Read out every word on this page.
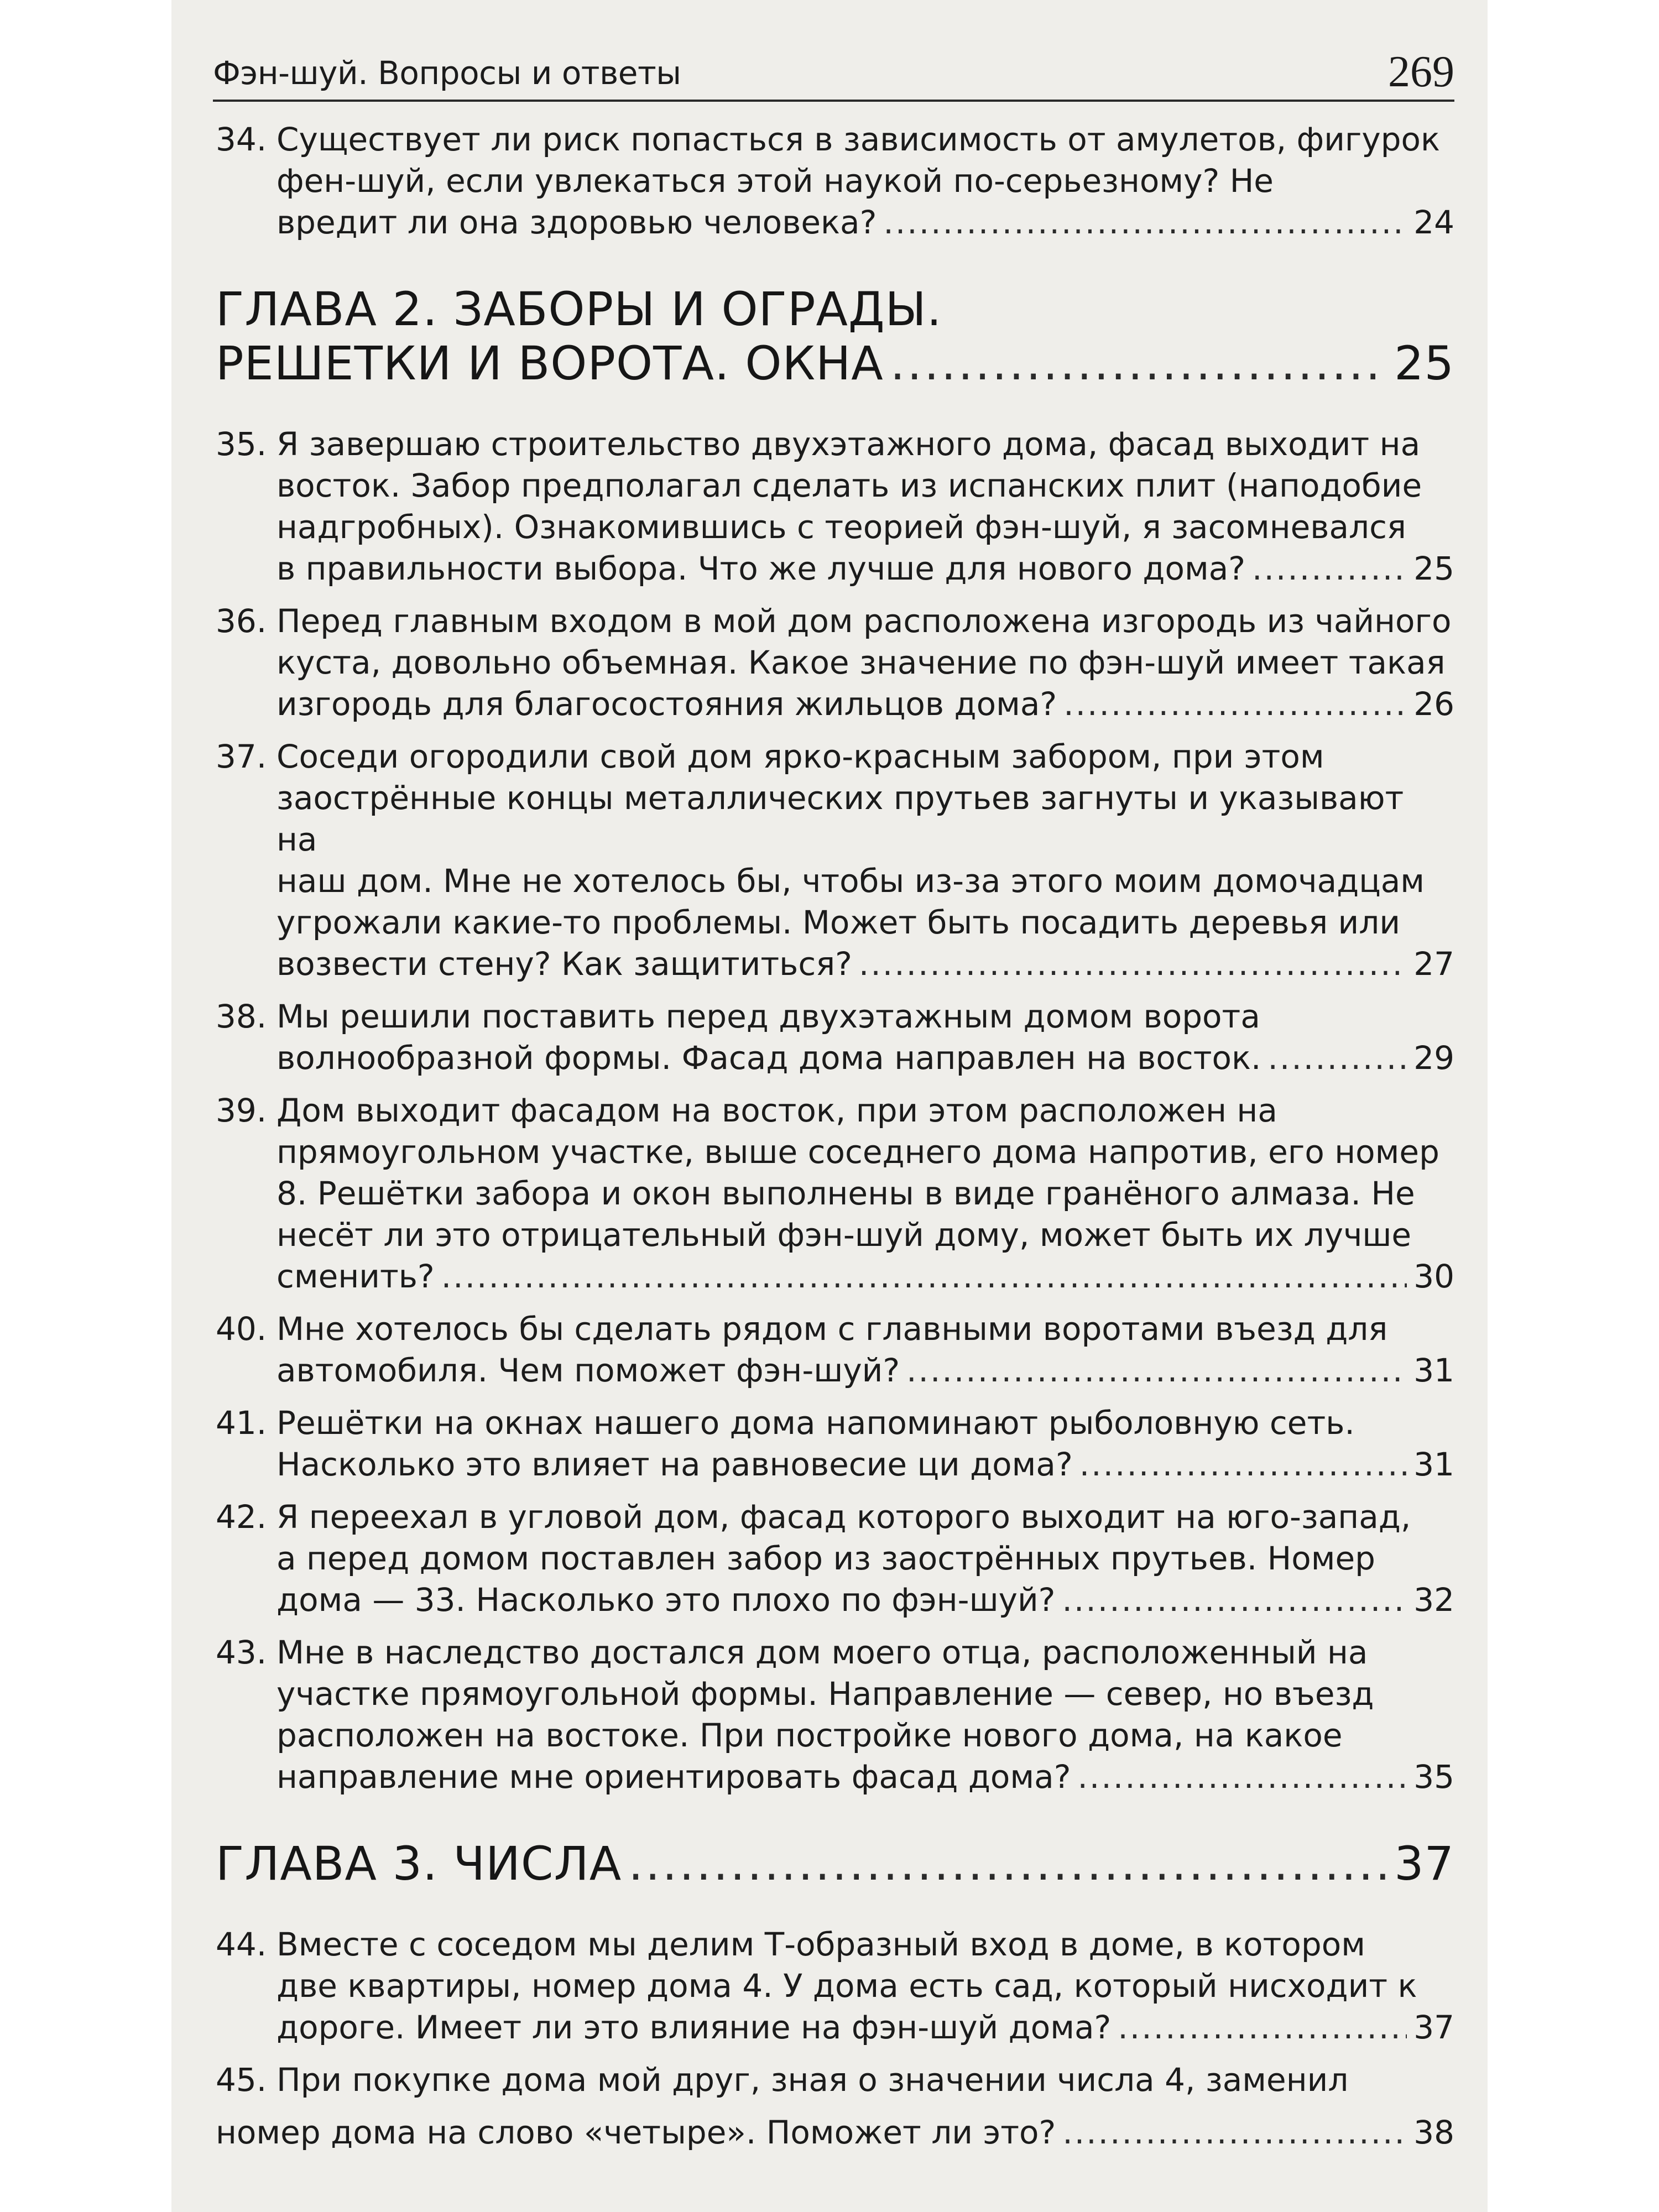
Фэн-шуй. Вопросы и ответы	269
34. Существует ли риск попасться в зависимость от амулетов, фигурок
фен-шуй, если увлекаться этой наукой по-серьезному? Не
вредит ли она здоровью человека? .....	24
ГЛАВА 2. ЗАБОРЫ И ОГРАДЫ.
РЕШЕТКИ И ВОРОТА. ОКНА .....	25
35. Я завершаю строительство двухэтажного дома, фасад выходит на
восток. Забор предполагал сделать из испанских плит (наподобие
надгробных). Ознакомившись с теорией фэн-шуй, я засомневался
в правильности выбора. Что же лучше для нового дома? .....	25
36. Перед главным входом в мой дом расположена изгородь из чайного
куста, довольно объемная. Какое значение по фэн-шуй имеет такая
изгородь для благосостояния жильцов дома? .....	26
37. Соседи огородили свой дом ярко-красным забором, при этом
заострённые концы металлических прутьев загнуты и указывают на
наш дом. Мне не хотелось бы, чтобы из-за этого моим домочадцам
угрожали какие-то проблемы. Может быть посадить деревья или
возвести стену? Как защититься? .....	27
38. Мы решили поставить перед двухэтажным домом ворота
волнообразной формы. Фасад дома направлен на восток. .....	29
39. Дом выходит фасадом на восток, при этом расположен на
прямоугольном участке, выше соседнего дома напротив, его номер
8. Решётки забора и окон выполнены в виде гранёного алмаза. Не
несёт ли это отрицательный фэн-шуй дому, может быть их лучше
сменить? .....	30
40. Мне хотелось бы сделать рядом с главными воротами въезд для
автомобиля. Чем поможет фэн-шуй? .....	31
41. Решётки на окнах нашего дома напоминают рыболовную сеть.
Насколько это влияет на равновесие ци дома? .....	31
42. Я переехал в угловой дом, фасад которого выходит на юго-запад,
а перед домом поставлен забор из заострённых прутьев. Номер
дома — 33. Насколько это плохо по фэн-шуй? .....	32
43. Мне в наследство достался дом моего отца, расположенный на
участке прямоугольной формы. Направление — север, но въезд
расположен на востоке. При постройке нового дома, на какое
направление мне ориентировать фасад дома? .....	35
ГЛАВА 3. ЧИСЛА .....	37
44. Вместе с соседом мы делим Т-образный вход в доме, в котором
две квартиры, номер дома 4. У дома есть сад, который нисходит к
дороге. Имеет ли это влияние на фэн-шуй дома? .....	37
45. При покупке дома мой друг, зная о значении числа 4, заменил
номер дома на слово «четыре». Поможет ли это? .....	38
